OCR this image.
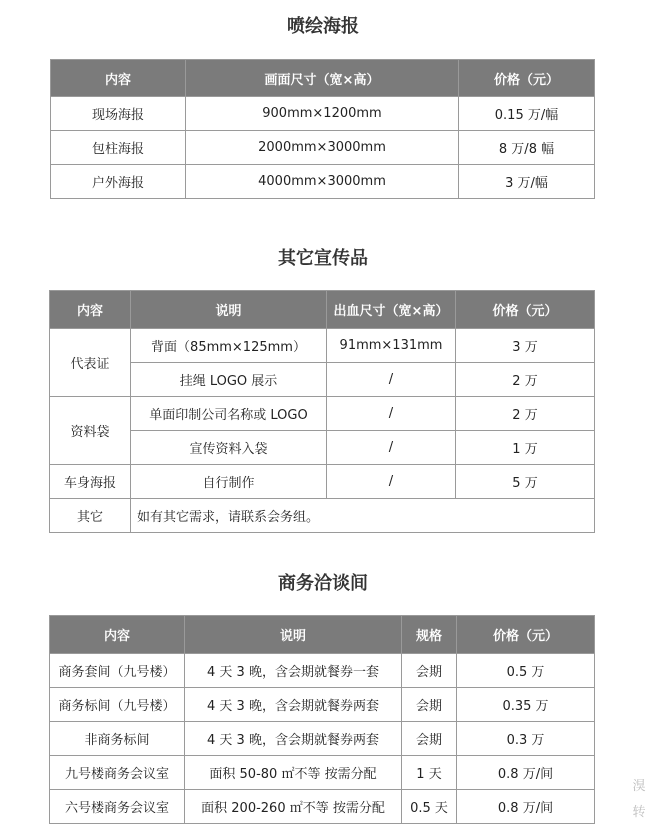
喷绘海报
内容	画面尺寸（宽×高）	价格（元）
现场海报	900mm×1200mm	0.15 万/幅
包柱海报	2000mm×3000mm	8 万/8 幅
户外海报	4000mm×3000mm	3 万/幅
其它宣传品
内容	说明	出血尺寸（宽×高）	价格（元）
代表证	背面（85mm×125mm）	91mm×131mm	3 万
	挂绳 LOGO 展示	/	2 万
资料袋	单面印制公司名称或 LOGO	/	2 万
	宣传资料入袋	/	1 万
车身海报	自行制作	/	5 万
其它	如有其它需求，请联系会务组。		
商务洽谈间
内容	说明	规格	价格（元）
商务套间（九号楼）	4 天 3 晚，含会期就餐券一套	会期	0.5 万
商务标间（九号楼）	4 天 3 晚，含会期就餐券两套	会期	0.35 万
非商务标间	4 天 3 晚，含会期就餐券两套	会期	0.3 万
九号楼商务会议室	面积 50-80 ㎡不等 按需分配	1 天	0.8 万/间
六号楼商务会议室	面积 200-260 ㎡不等 按需分配	0.5 天	0.8 万/间
湨
转
